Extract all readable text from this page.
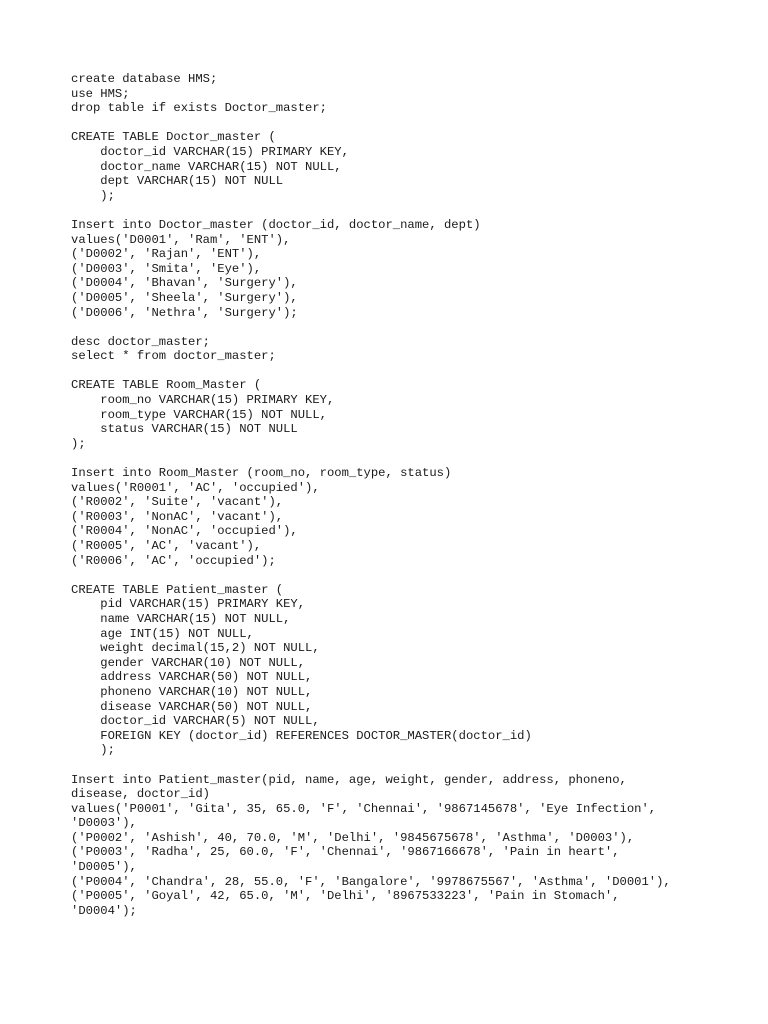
create database HMS;
use HMS;
drop table if exists Doctor_master;
CREATE TABLE Doctor_master (
doctor_id VARCHAR(15) PRIMARY KEY,
doctor_name VARCHAR(15) NOT NULL,
dept VARCHAR(15) NOT NULL
);
Insert into Doctor_master (doctor_id, doctor_name, dept)
values('D0001', 'Ram', 'ENT'),
('D0002', 'Rajan', 'ENT'),
('D0003', 'Smita', 'Eye'),
('D0004', 'Bhavan', 'Surgery'),
('D0005', 'Sheela', 'Surgery'),
('D0006', 'Nethra', 'Surgery');
desc doctor_master;
select * from doctor_master;
CREATE TABLE Room_Master (
room_no VARCHAR(15) PRIMARY KEY,
room_type VARCHAR(15) NOT NULL,
status VARCHAR(15) NOT NULL
);
Insert into Room_Master (room_no, room_type, status)
values('R0001', 'AC', 'occupied'),
('R0002', 'Suite', 'vacant'),
('R0003', 'NonAC', 'vacant'),
('R0004', 'NonAC', 'occupied'),
('R0005', 'AC', 'vacant'),
('R0006', 'AC', 'occupied');
CREATE TABLE Patient_master (
pid VARCHAR(15) PRIMARY KEY,
name VARCHAR(15) NOT NULL,
age INT(15) NOT NULL,
weight decimal(15,2) NOT NULL,
gender VARCHAR(10) NOT NULL,
address VARCHAR(50) NOT NULL,
phoneno VARCHAR(10) NOT NULL,
disease VARCHAR(50) NOT NULL,
doctor_id VARCHAR(5) NOT NULL,
FOREIGN KEY (doctor_id) REFERENCES DOCTOR_MASTER(doctor_id)
);
Insert into Patient_master(pid, name, age, weight, gender, address, phoneno,
disease, doctor_id)
values('P0001', 'Gita', 35, 65.0, 'F', 'Chennai', '9867145678', 'Eye Infection',
'D0003'),
('P0002', 'Ashish', 40, 70.0, 'M', 'Delhi', '9845675678', 'Asthma', 'D0003'),
('P0003', 'Radha', 25, 60.0, 'F', 'Chennai', '9867166678', 'Pain in heart',
'D0005'),
('P0004', 'Chandra', 28, 55.0, 'F', 'Bangalore', '9978675567', 'Asthma', 'D0001'),
('P0005', 'Goyal', 42, 65.0, 'M', 'Delhi', '8967533223', 'Pain in Stomach',
'D0004');
